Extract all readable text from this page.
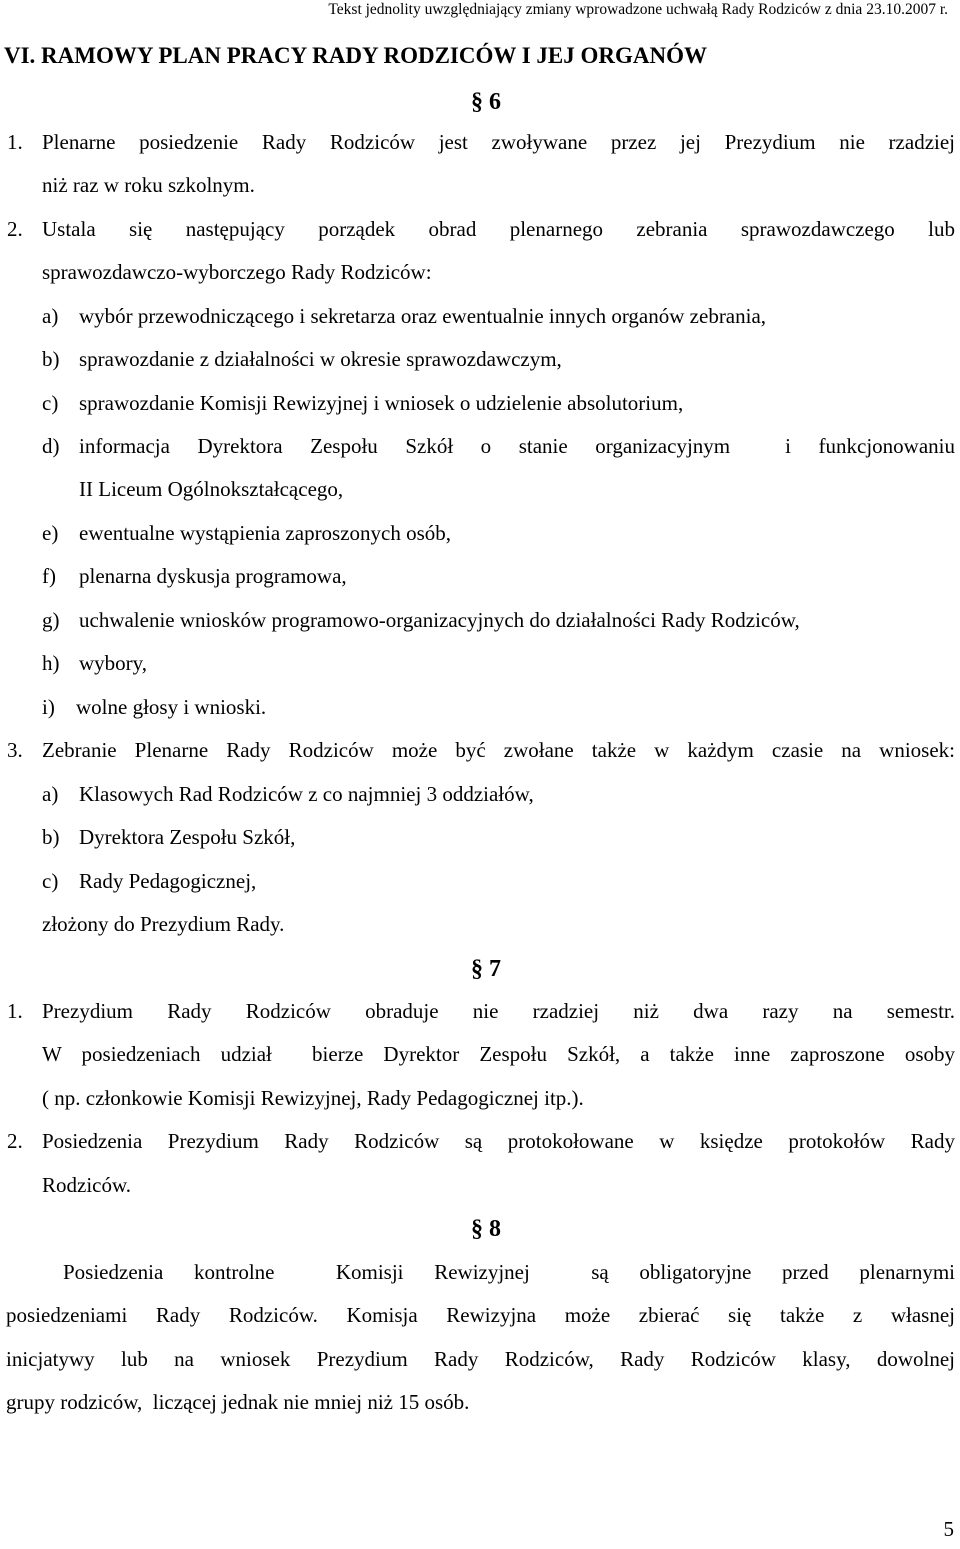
Tekst jednolity uwzględniający zmiany wprowadzone uchwałą Rady Rodziców z dnia 23.10.2007 r.
VI. RAMOWY PLAN PRACY RADY RODZICÓW I JEJ ORGANÓW
§ 6
1. Plenarne posiedzenie Rady Rodziców jest zwoływane przez jej Prezydium nie rzadziej
niż raz w roku szkolnym.
2. Ustala się następujący porządek obrad plenarnego zebrania sprawozdawczego lub
sprawozdawczo-wyborczego Rady Rodziców:
a) wybór przewodniczącego i sekretarza oraz ewentualnie innych organów zebrania,
b) sprawozdanie z działalności w okresie sprawozdawczym,
c) sprawozdanie Komisji Rewizyjnej i wniosek o udzielenie absolutorium,
d) informacja Dyrektora Zespołu Szkół o stanie organizacyjnym  i funkcjonowaniu
II Liceum Ogólnokształcącego,
e) ewentualne wystąpienia zaproszonych osób,
f) plenarna dyskusja programowa,
g) uchwalenie wniosków programowo-organizacyjnych do działalności Rady Rodziców,
h) wybory,
i) wolne głosy i wnioski.
3. Zebranie Plenarne Rady Rodziców może być zwołane także w każdym czasie na wniosek:
a) Klasowych Rad Rodziców z co najmniej 3 oddziałów,
b) Dyrektora Zespołu Szkół,
c) Rady Pedagogicznej,
złożony do Prezydium Rady.
§ 7
1. Prezydium Rady Rodziców obraduje nie rzadziej niż dwa razy na semestr.
W posiedzeniach udział  bierze Dyrektor Zespołu Szkół, a także inne zaproszone osoby
( np. członkowie Komisji Rewizyjnej, Rady Pedagogicznej itp.).
2. Posiedzenia Prezydium Rady Rodziców są protokołowane w księdze protokołów Rady
Rodziców.
§ 8
Posiedzenia kontrolne  Komisji Rewizyjnej  są obligatoryjne przed plenarnymi
posiedzeniami Rady Rodziców. Komisja Rewizyjna może zbierać się także z własnej
inicjatywy lub na wniosek Prezydium Rady Rodziców, Rady Rodziców klasy, dowolnej
grupy rodziców,  liczącej jednak nie mniej niż 15 osób.
5
